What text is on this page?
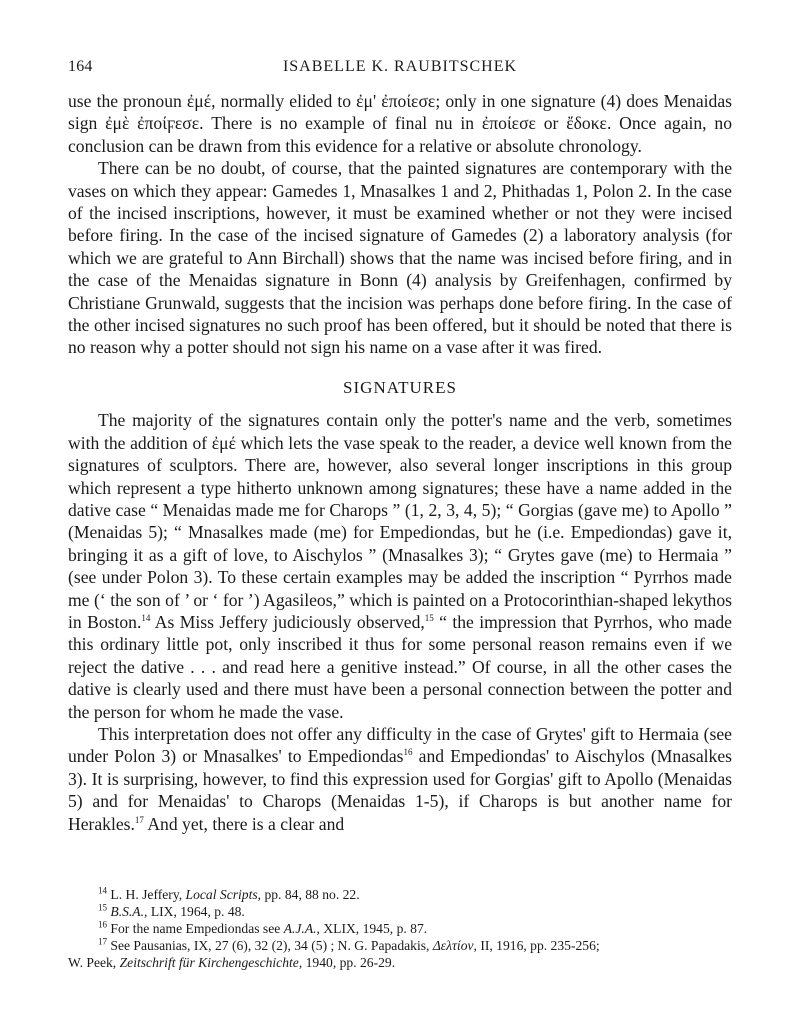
164	ISABELLE K. RAUBITSCHEK

use the pronoun ἐμέ, normally elided to ἐμ' ἐποίεσε; only in one signature (4) does Menaidas sign ἐμὲ ἐποίϝεσε. There is no example of final nu in ἐποίεσε or ἔδοκε. Once again, no conclusion can be drawn from this evidence for a relative or absolute chronology.

There can be no doubt, of course, that the painted signatures are contemporary with the vases on which they appear: Gamedes 1, Mnasalkes 1 and 2, Phithadas 1, Polon 2. In the case of the incised inscriptions, however, it must be examined whether or not they were incised before firing. In the case of the incised signature of Gamedes (2) a laboratory analysis (for which we are grateful to Ann Birchall) shows that the name was incised before firing, and in the case of the Menaidas signature in Bonn (4) analysis by Greifenhagen, confirmed by Christiane Grunwald, suggests that the incision was perhaps done before firing. In the case of the other incised signatures no such proof has been offered, but it should be noted that there is no reason why a potter should not sign his name on a vase after it was fired.

SIGNATURES

The majority of the signatures contain only the potter's name and the verb, sometimes with the addition of ἐμέ which lets the vase speak to the reader, a device well known from the signatures of sculptors. There are, however, also several longer inscriptions in this group which represent a type hitherto unknown among signatures; these have a name added in the dative case “ Menaidas made me for Charops ” (1, 2, 3, 4, 5); “ Gorgias (gave me) to Apollo ” (Menaidas 5); “ Mnasalkes made (me) for Empediondas, but he (i.e. Empediondas) gave it, bringing it as a gift of love, to Aischylos ” (Mnasalkes 3); “ Grytes gave (me) to Hermaia ” (see under Polon 3). To these certain examples may be added the inscription “ Pyrrhos made me (‘ the son of ’ or ‘ for ’) Agasileos,” which is painted on a Protocorinthian-shaped lekythos in Boston.$^{14}$ As Miss Jeffery judiciously observed,$^{15}$ “ the impression that Pyrrhos, who made this ordinary little pot, only inscribed it thus for some personal reason remains even if we reject the dative . . . and read here a genitive instead.” Of course, in all the other cases the dative is clearly used and there must have been a personal connection between the potter and the person for whom he made the vase.

This interpretation does not offer any difficulty in the case of Grytes' gift to Hermaia (see under Polon 3) or Mnasalkes' to Empediondas$^{16}$ and Empediondas' to Aischylos (Mnasalkes 3). It is surprising, however, to find this expression used for Gorgias' gift to Apollo (Menaidas 5) and for Menaidas' to Charops (Menaidas 1-5), if Charops is but another name for Herakles.$^{17}$ And yet, there is a clear and

$^{14}$ L. H. Jeffery, Local Scripts, pp. 84, 88 no. 22.

$^{15}$ B.S.A., LIX, 1964, p. 48.

$^{16}$ For the name Empediondas see A.J.A., XLIX, 1945, p. 87.

$^{17}$ See Pausanias, IX, 27 (6), 32 (2), 34 (5) ; N. G. Papadakis, Δελτίον, II, 1916, pp. 235-256;

W. Peek, Zeitschrift für Kirchengeschichte, 1940, pp. 26-29.
